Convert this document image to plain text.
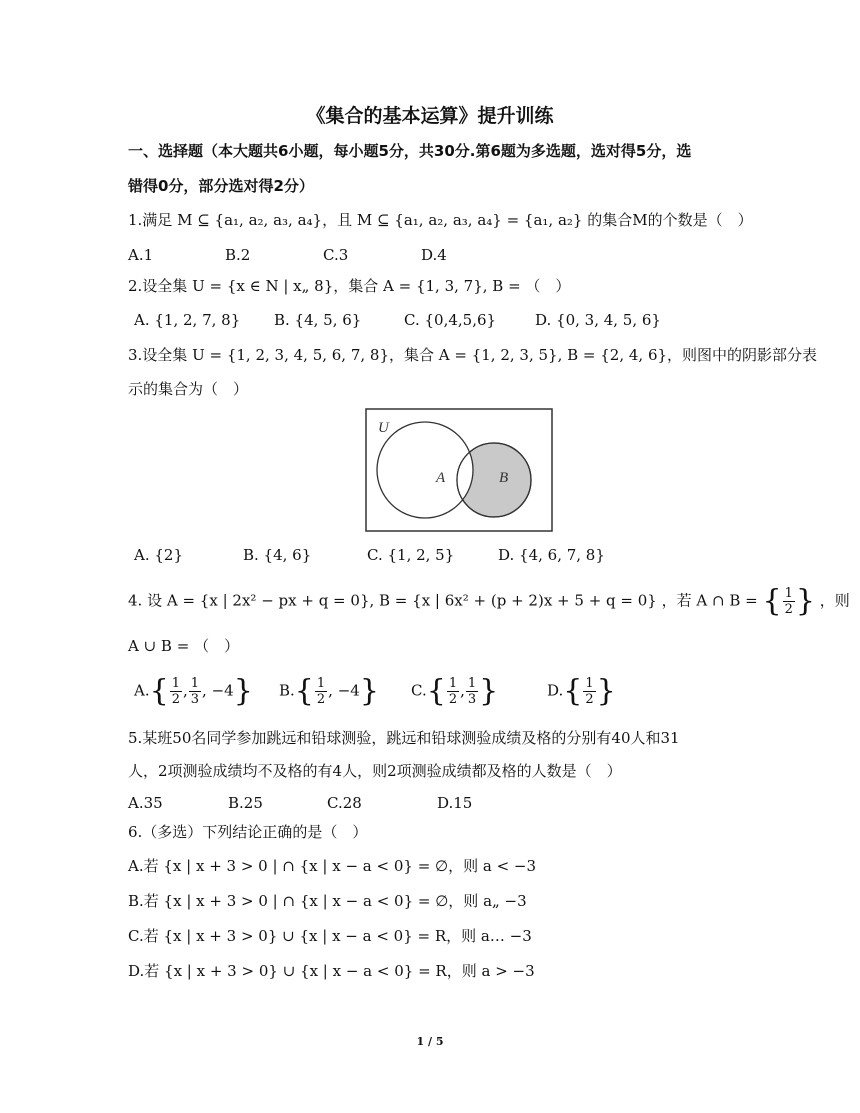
《集合的基本运算》提升训练
一、选择题（本大题共6小题，每小题5分，共30分.第6题为多选题，选对得5分，选
错得0分，部分选对得2分）
1.满足 M ⊆ {a₁, a₂, a₃, a₄}，且 M ⊆ {a₁, a₂, a₃, a₄} = {a₁, a₂} 的集合M的个数是（　）
A.1	B.2	C.3	D.4
2.设全集 U = {x ∈ N | x„ 8}，集合 A = {1, 3, 7}, B = （　）
A. {1, 2, 7, 8} B. {4, 5, 6}	C. {0,4,5,6}	D. {0, 3, 4, 5, 6}
3.设全集 U = {1, 2, 3, 4, 5, 6, 7, 8}，集合 A = {1, 2, 3, 5}, B = {2, 4, 6}，则图中的阴影部分表
示的集合为（　）
U
A	B
A. {2}	B. {4, 6}	C. {1, 2, 5}	D. {4, 6, 7, 8}
4. 设 A = {x | 2x² − px + q = 0}, B = {x | 6x² + (p + 2)x + 5 + q = 0} ，若 A ∩ B = { $\frac{1}{2}$ } ，则
A ∪ B = （　）
$A.\{ \frac{1}{2}$ , $\frac{1}{3}$ , −4} $B.\{ \frac{1}{2}$ , −4} $C.\{ \frac{1}{2}$ , $\frac{1}{3}$ }	$D.\{ \frac{1}{2}$ }
5.某班50名同学参加跳远和铅球测验，跳远和铅球测验成绩及格的分别有40人和31
人，2项测验成绩均不及格的有4人，则2项测验成绩都及格的人数是（　）
A.35	B.25	C.28	D.15
6.（多选）下列结论正确的是（　）
A.若 {x | x + 3 > 0 | ∩ {x | x − a < 0} = ∅，则 a < −3
B.若 {x | x + 3 > 0 | ∩ {x | x − a < 0} = ∅，则 a„ −3
C.若 {x | x + 3 > 0} ∪ {x | x − a < 0} = R，则 a… −3
D.若 {x | x + 3 > 0} ∪ {x | x − a < 0} = R，则 a > −3
1 / 5
